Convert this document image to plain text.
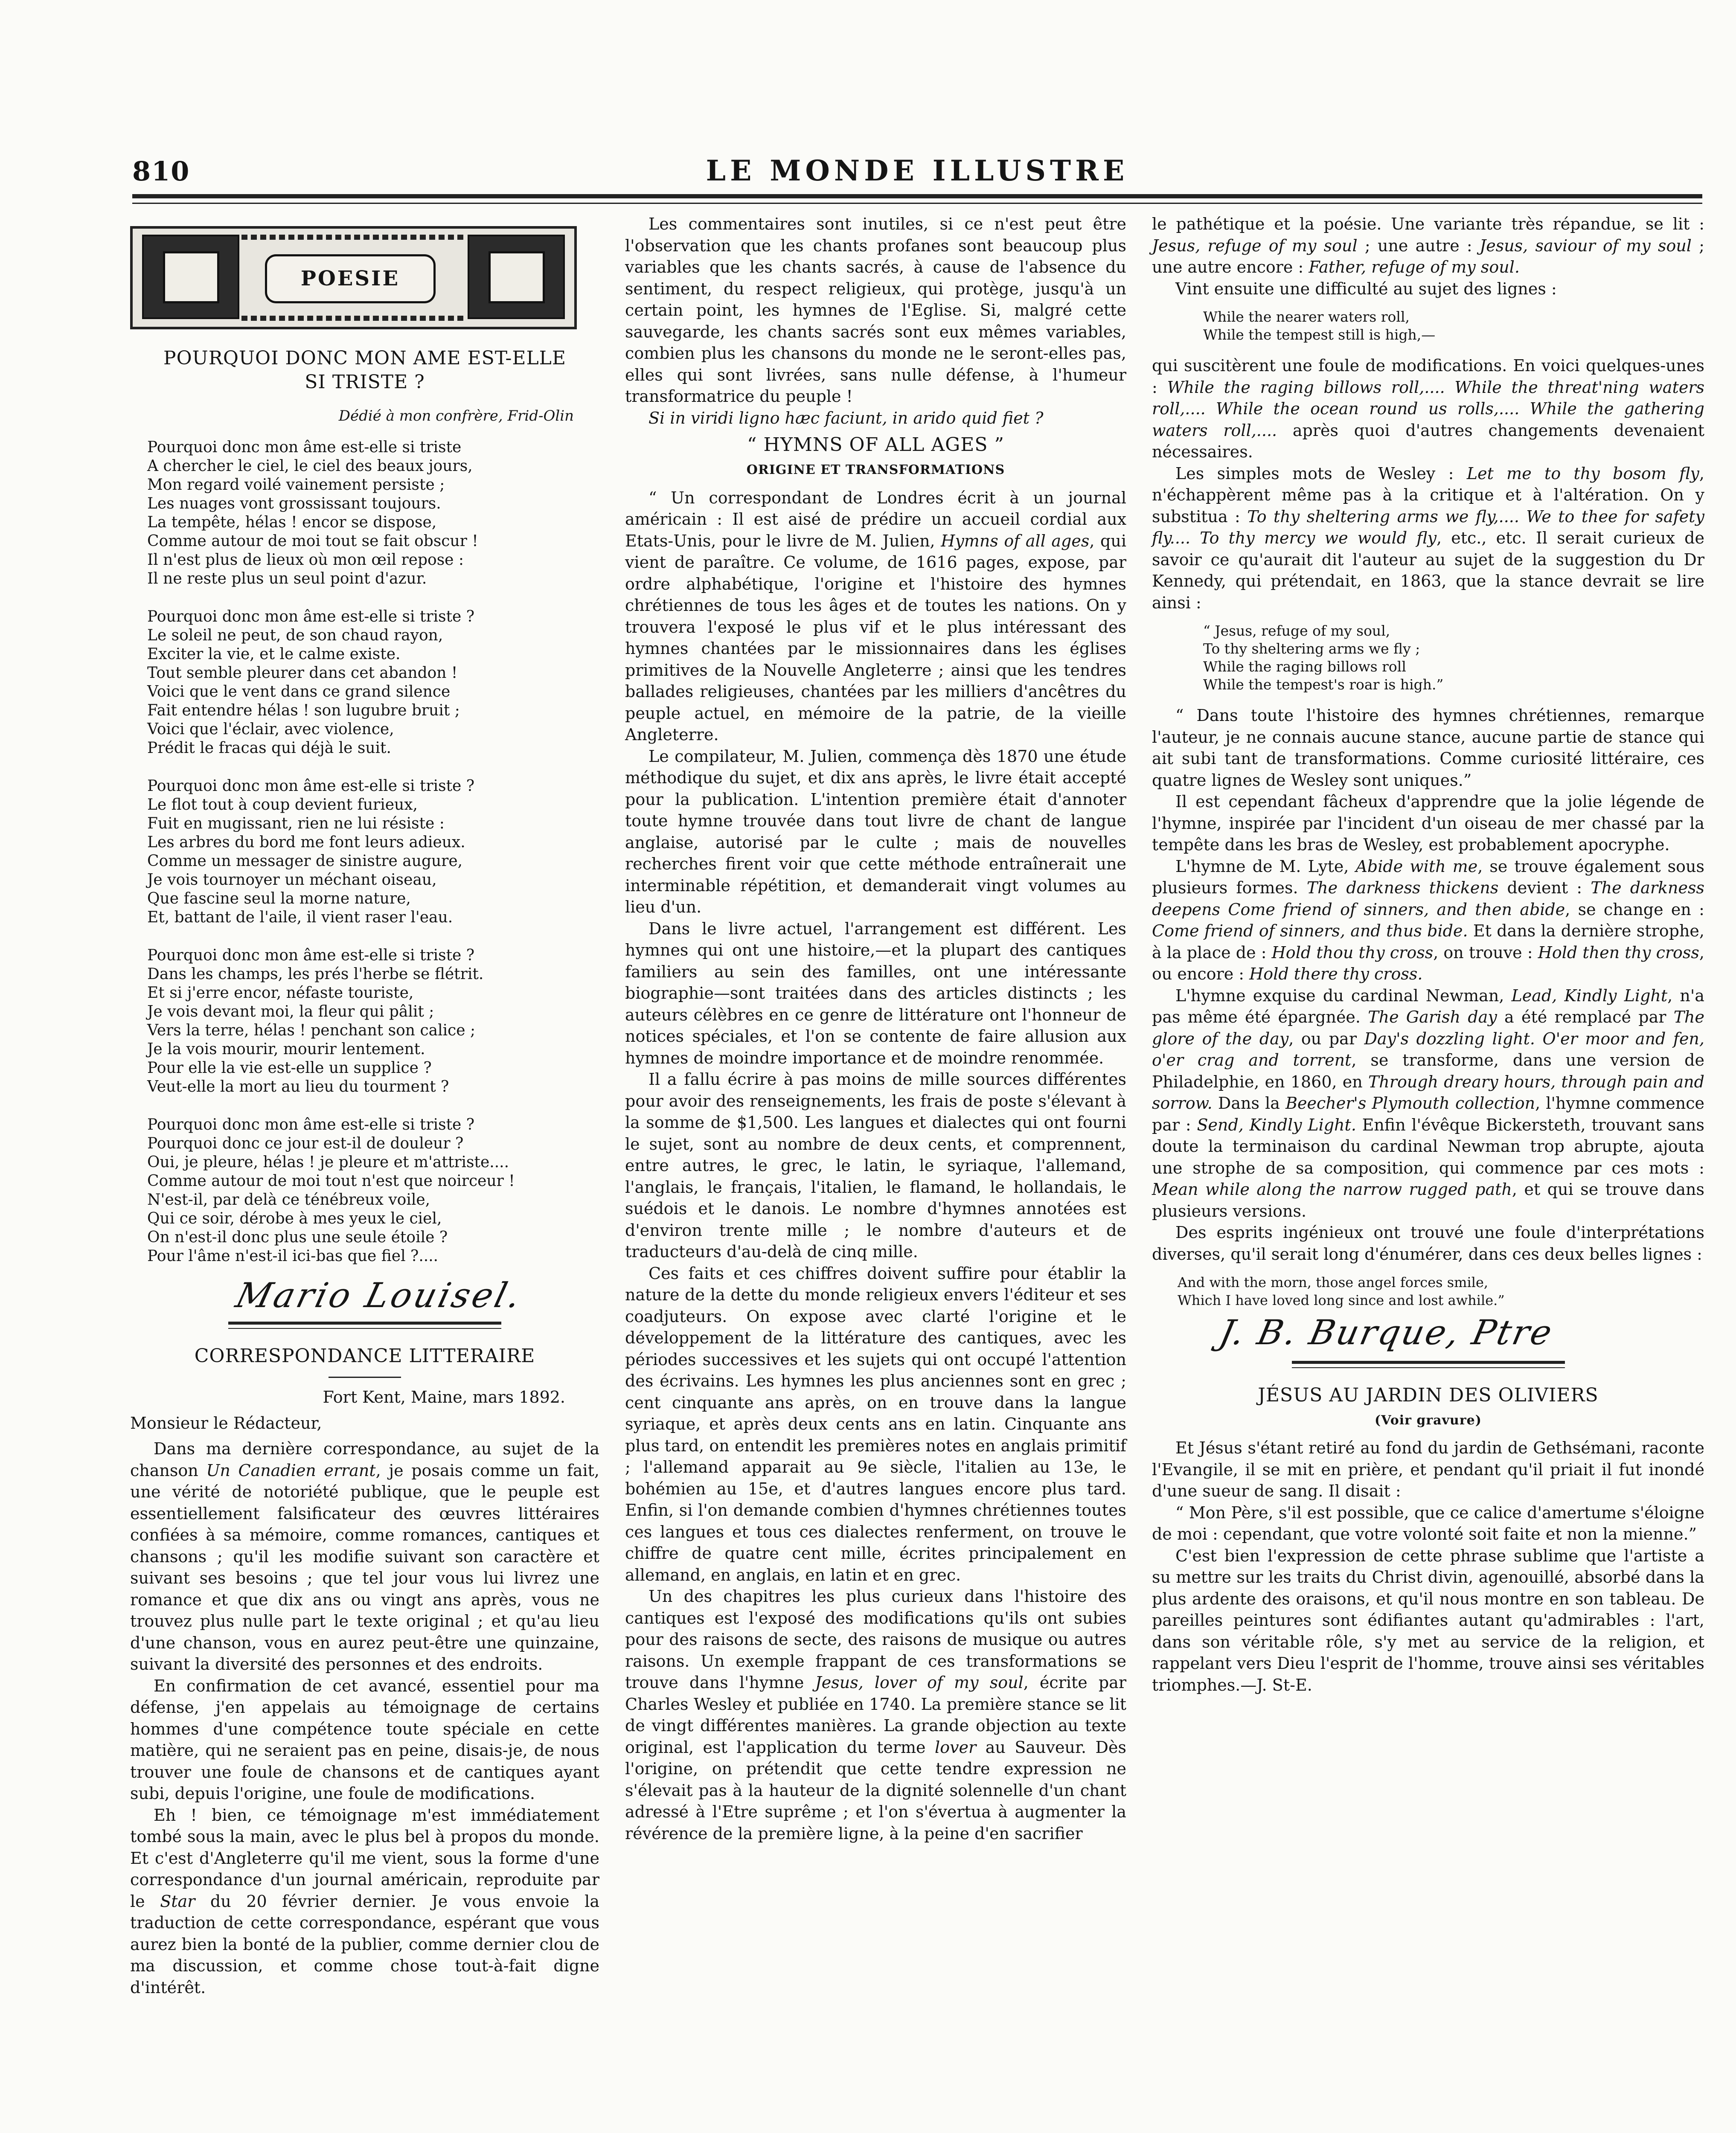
810	LE MONDE ILLUSTRE
POESIE
POURQUOI DONC MON AME EST-ELLE
SI TRISTE ?
Dédié à mon confrère, Frid-Olin
Pourquoi donc mon âme est-elle si triste
A chercher le ciel, le ciel des beaux jours,
Mon regard voilé vainement persiste ;
Les nuages vont grossissant toujours.
La tempête, hélas ! encor se dispose,
Comme autour de moi tout se fait obscur !
Il n'est plus de lieux où mon œil repose :
Il ne reste plus un seul point d'azur.
Pourquoi donc mon âme est-elle si triste ?
Le soleil ne peut, de son chaud rayon,
Exciter la vie, et le calme existe.
Tout semble pleurer dans cet abandon !
Voici que le vent dans ce grand silence
Fait entendre hélas ! son lugubre bruit ;
Voici que l'éclair, avec violence,
Prédit le fracas qui déjà le suit.
Pourquoi donc mon âme est-elle si triste ?
Le flot tout à coup devient furieux,
Fuit en mugissant, rien ne lui résiste :
Les arbres du bord me font leurs adieux.
Comme un messager de sinistre augure,
Je vois tournoyer un méchant oiseau,
Que fascine seul la morne nature,
Et, battant de l'aile, il vient raser l'eau.
Pourquoi donc mon âme est-elle si triste ?
Dans les champs, les prés l'herbe se flétrit.
Et si j'erre encor, néfaste touriste,
Je vois devant moi, la fleur qui pâlit ;
Vers la terre, hélas ! penchant son calice ;
Je la vois mourir, mourir lentement.
Pour elle la vie est-elle un supplice ?
Veut-elle la mort au lieu du tourment ?
Pourquoi donc mon âme est-elle si triste ?
Pourquoi donc ce jour est-il de douleur ?
Oui, je pleure, hélas ! je pleure et m'attriste....
Comme autour de moi tout n'est que noirceur !
N'est-il, par delà ce ténébreux voile,
Qui ce soir, dérobe à mes yeux le ciel,
On n'est-il donc plus une seule étoile ?
Pour l'âme n'est-il ici-bas que fiel ?....
Mario Louisel.
CORRESPONDANCE LITTERAIRE
Fort Kent, Maine, mars 1892.

Monsieur le Rédacteur,

Dans ma dernière correspondance, au sujet de la chanson Un Canadien errant, je posais comme un fait, une vérité de notoriété publique, que le peuple est essentiellement falsificateur des œuvres littéraires confiées à sa mémoire, comme romances, cantiques et chansons ; qu'il les modifie suivant son caractère et suivant ses besoins ; que tel jour vous lui livrez une romance et que dix ans ou vingt ans après, vous ne trouvez plus nulle part le texte original ; et qu'au lieu d'une chanson, vous en aurez peut-être une quinzaine, suivant la diversité des personnes et des endroits.

En confirmation de cet avancé, essentiel pour ma défense, j'en appelais au témoignage de certains hommes d'une compétence toute spéciale en cette matière, qui ne seraient pas en peine, disais-je, de nous trouver une foule de chansons et de cantiques ayant subi, depuis l'origine, une foule de modifications.

Eh ! bien, ce témoignage m'est immédiatement tombé sous la main, avec le plus bel à propos du monde. Et c'est d'Angleterre qu'il me vient, sous la forme d'une correspondance d'un journal américain, reproduite par le Star du 20 février dernier. Je vous envoie la traduction de cette correspondance, espérant que vous aurez bien la bonté de la publier, comme dernier clou de ma discussion, et comme chose tout-à-fait digne d'intérêt.

Les commentaires sont inutiles, si ce n'est peut être l'observation que les chants profanes sont beaucoup plus variables que les chants sacrés, à cause de l'absence du sentiment, du respect religieux, qui protège, jusqu'à un certain point, les hymnes de l'Eglise. Si, malgré cette sauvegarde, les chants sacrés sont eux mêmes variables, combien plus les chansons du monde ne le seront-elles pas, elles qui sont livrées, sans nulle défense, à l'humeur transformatrice du peuple !

Si in viridi ligno hæc faciunt, in arido quid fiet ?

“ HYMNS OF ALL AGES ”
ORIGINE ET TRANSFORMATIONS

“ Un correspondant de Londres écrit à un journal américain : Il est aisé de prédire un accueil cordial aux Etats-Unis, pour le livre de M. Julien, Hymns of all ages, qui vient de paraître. Ce volume, de 1616 pages, expose, par ordre alphabétique, l'origine et l'histoire des hymnes chrétiennes de tous les âges et de toutes les nations. On y trouvera l'exposé le plus vif et le plus intéressant des hymnes chantées par le missionnaires dans les églises primitives de la Nouvelle Angleterre ; ainsi que les tendres ballades religieuses, chantées par les milliers d'ancêtres du peuple actuel, en mémoire de la patrie, de la vieille Angleterre.

Le compilateur, M. Julien, commença dès 1870 une étude méthodique du sujet, et dix ans après, le livre était accepté pour la publication. L'intention première était d'annoter toute hymne trouvée dans tout livre de chant de langue anglaise, autorisé par le culte ; mais de nouvelles recherches firent voir que cette méthode entraînerait une interminable répétition, et demanderait vingt volumes au lieu d'un.

Dans le livre actuel, l'arrangement est différent. Les hymnes qui ont une histoire,—et la plupart des cantiques familiers au sein des familles, ont une intéressante biographie—sont traitées dans des articles distincts ; les auteurs célèbres en ce genre de littérature ont l'honneur de notices spéciales, et l'on se contente de faire allusion aux hymnes de moindre importance et de moindre renommée.

Il a fallu écrire à pas moins de mille sources différentes pour avoir des renseignements, les frais de poste s'élevant à la somme de $1,500. Les langues et dialectes qui ont fourni le sujet, sont au nombre de deux cents, et comprennent, entre autres, le grec, le latin, le syriaque, l'allemand, l'anglais, le français, l'italien, le flamand, le hollandais, le suédois et le danois. Le nombre d'hymnes annotées est d'environ trente mille ; le nombre d'auteurs et de traducteurs d'au-delà de cinq mille.

Ces faits et ces chiffres doivent suffire pour établir la nature de la dette du monde religieux envers l'éditeur et ses coadjuteurs. On expose avec clarté l'origine et le développement de la littérature des cantiques, avec les périodes successives et les sujets qui ont occupé l'attention des écrivains. Les hymnes les plus anciennes sont en grec ; cent cinquante ans après, on en trouve dans la langue syriaque, et après deux cents ans en latin. Cinquante ans plus tard, on entendit les premières notes en anglais primitif ; l'allemand apparait au 9e siècle, l'italien au 13e, le bohémien au 15e, et d'autres langues encore plus tard. Enfin, si l'on demande combien d'hymnes chrétiennes toutes ces langues et tous ces dialectes renferment, on trouve le chiffre de quatre cent mille, écrites principalement en allemand, en anglais, en latin et en grec.

Un des chapitres les plus curieux dans l'histoire des cantiques est l'exposé des modifications qu'ils ont subies pour des raisons de secte, des raisons de musique ou autres raisons. Un exemple frappant de ces transformations se trouve dans l'hymne Jesus, lover of my soul, écrite par Charles Wesley et publiée en 1740. La première stance se lit de vingt différentes manières. La grande objection au texte original, est l'application du terme lover au Sauveur. Dès l'origine, on prétendit que cette tendre expression ne s'élevait pas à la hauteur de la dignité solennelle d'un chant adressé à l'Etre suprême ; et l'on s'évertua à augmenter la révérence de la première ligne, à la peine d'en sacrifier

le pathétique et la poésie. Une variante très répandue, se lit : Jesus, refuge of my soul ; une autre : Jesus, saviour of my soul ; une autre encore : Father, refuge of my soul.

Vint ensuite une difficulté au sujet des lignes :

While the nearer waters roll,
While the tempest still is high,—

qui suscitèrent une foule de modifications. En voici quelques-unes : While the raging billows roll,.... While the threat'ning waters roll,.... While the ocean round us rolls,.... While the gathering waters roll,.... après quoi d'autres changements devenaient nécessaires.

Les simples mots de Wesley : Let me to thy bosom fly, n'échappèrent même pas à la critique et à l'altération. On y substitua : To thy sheltering arms we fly,.... We to thee for safety fly.... To thy mercy we would fly, etc., etc. Il serait curieux de savoir ce qu'aurait dit l'auteur au sujet de la suggestion du Dr Kennedy, qui prétendait, en 1863, que la stance devrait se lire ainsi :

“ Jesus, refuge of my soul,
To thy sheltering arms we fly ;
While the raging billows roll
While the tempest's roar is high.”

“ Dans toute l'histoire des hymnes chrétiennes, remarque l'auteur, je ne connais aucune stance, aucune partie de stance qui ait subi tant de transformations. Comme curiosité littéraire, ces quatre lignes de Wesley sont uniques.”

Il est cependant fâcheux d'apprendre que la jolie légende de l'hymne, inspirée par l'incident d'un oiseau de mer chassé par la tempête dans les bras de Wesley, est probablement apocryphe.

L'hymne de M. Lyte, Abide with me, se trouve également sous plusieurs formes. The darkness thickens devient : The darkness deepens Come friend of sinners, and then abide, se change en : Come friend of sinners, and thus bide. Et dans la dernière strophe, à la place de : Hold thou thy cross, on trouve : Hold then thy cross, ou encore : Hold there thy cross.

L'hymne exquise du cardinal Newman, Lead, Kindly Light, n'a pas même été épargnée. The Garish day a été remplacé par The glore of the day, ou par Day's dozzling light. O'er moor and fen, o'er crag and torrent, se transforme, dans une version de Philadelphie, en 1860, en Through dreary hours, through pain and sorrow. Dans la Beecher's Plymouth collection, l'hymne commence par : Send, Kindly Light. Enfin l'évêque Bickersteth, trouvant sans doute la terminaison du cardinal Newman trop abrupte, ajouta une strophe de sa composition, qui commence par ces mots : Mean while along the narrow rugged path, et qui se trouve dans plusieurs versions.

Des esprits ingénieux ont trouvé une foule d'interprétations diverses, qu'il serait long d'énumérer, dans ces deux belles lignes :

And with the morn, those angel forces smile,
Which I have loved long since and lost awhile.”
J. B. Burque, Ptre
JÉSUS AU JARDIN DES OLIVIERS
(Voir gravure)

Et Jésus s'étant retiré au fond du jardin de Gethsémani, raconte l'Evangile, il se mit en prière, et pendant qu'il priait il fut inondé d'une sueur de sang. Il disait :

“ Mon Père, s'il est possible, que ce calice d'amertume s'éloigne de moi : cependant, que votre volonté soit faite et non la mienne.”

C'est bien l'expression de cette phrase sublime que l'artiste a su mettre sur les traits du Christ divin, agenouillé, absorbé dans la plus ardente des oraisons, et qu'il nous montre en son tableau. De pareilles peintures sont édifiantes autant qu'admirables : l'art, dans son véritable rôle, s'y met au service de la religion, et rappelant vers Dieu l'esprit de l'homme, trouve ainsi ses véritables triomphes.—J. St-E.
